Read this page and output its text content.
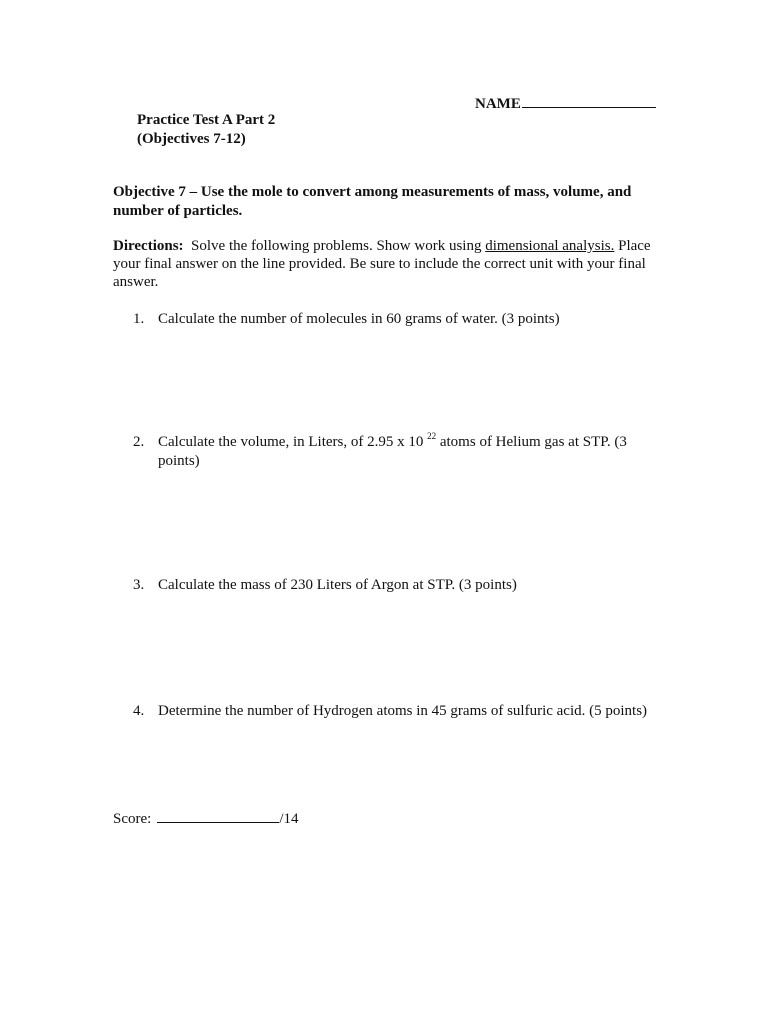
NAME
Practice Test A Part 2
(Objectives 7-12)
Objective 7 – Use the mole to convert among measurements of mass, volume, and number of particles.
Directions: Solve the following problems. Show work using dimensional analysis. Place your final answer on the line provided. Be sure to include the correct unit with your final answer.
1. Calculate the number of molecules in 60 grams of water. (3 points)
2. Calculate the volume, in Liters, of 2.95 x 10 $^{22}$ atoms of Helium gas at STP. (3 points)
3. Calculate the mass of 230 Liters of Argon at STP. (3 points)
4. Determine the number of Hydrogen atoms in 45 grams of sulfuric acid. (5 points)
Score:	/14
